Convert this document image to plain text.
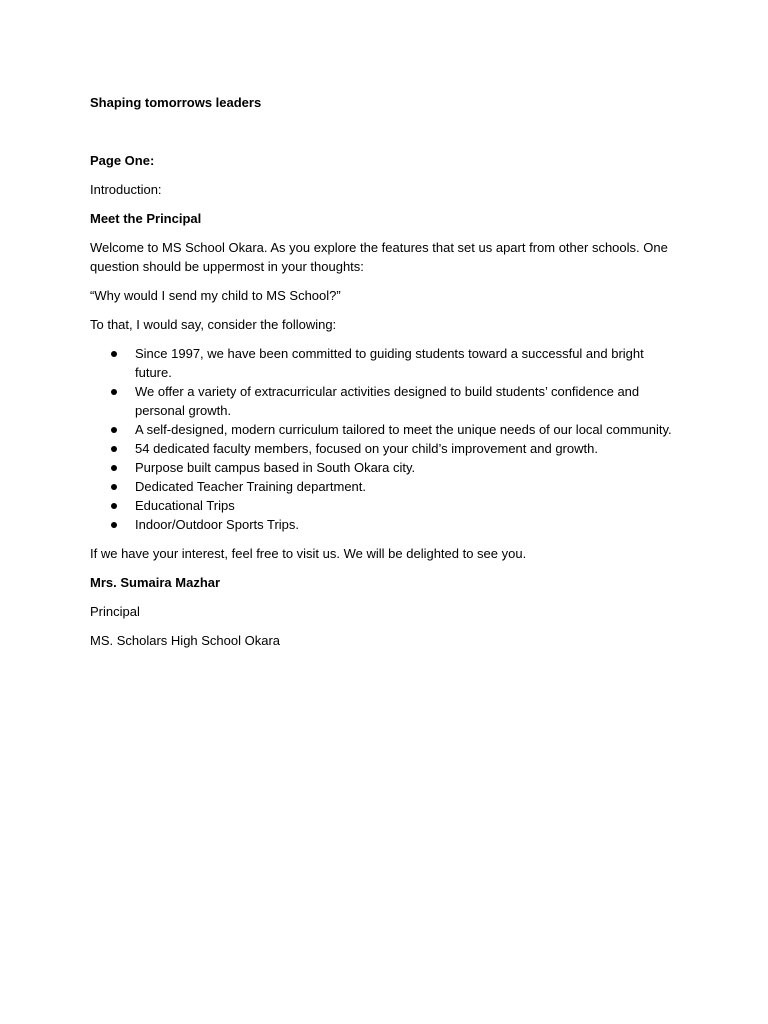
Shaping tomorrows leaders
Page One:
Introduction:
Meet the Principal
Welcome to MS School Okara. As you explore the features that set us apart from other schools. One question should be uppermost in your thoughts:
“Why would I send my child to MS School?”
To that, I would say, consider the following:
Since 1997, we have been committed to guiding students toward a successful and bright future.
We offer a variety of extracurricular activities designed to build students’ confidence and personal growth.
A self-designed, modern curriculum tailored to meet the unique needs of our local community.
54 dedicated faculty members, focused on your child’s improvement and growth.
Purpose built campus based in South Okara city.
Dedicated Teacher Training department.
Educational Trips
Indoor/Outdoor Sports Trips.
If we have your interest, feel free to visit us. We will be delighted to see you.
Mrs. Sumaira Mazhar
Principal
MS. Scholars High School Okara
